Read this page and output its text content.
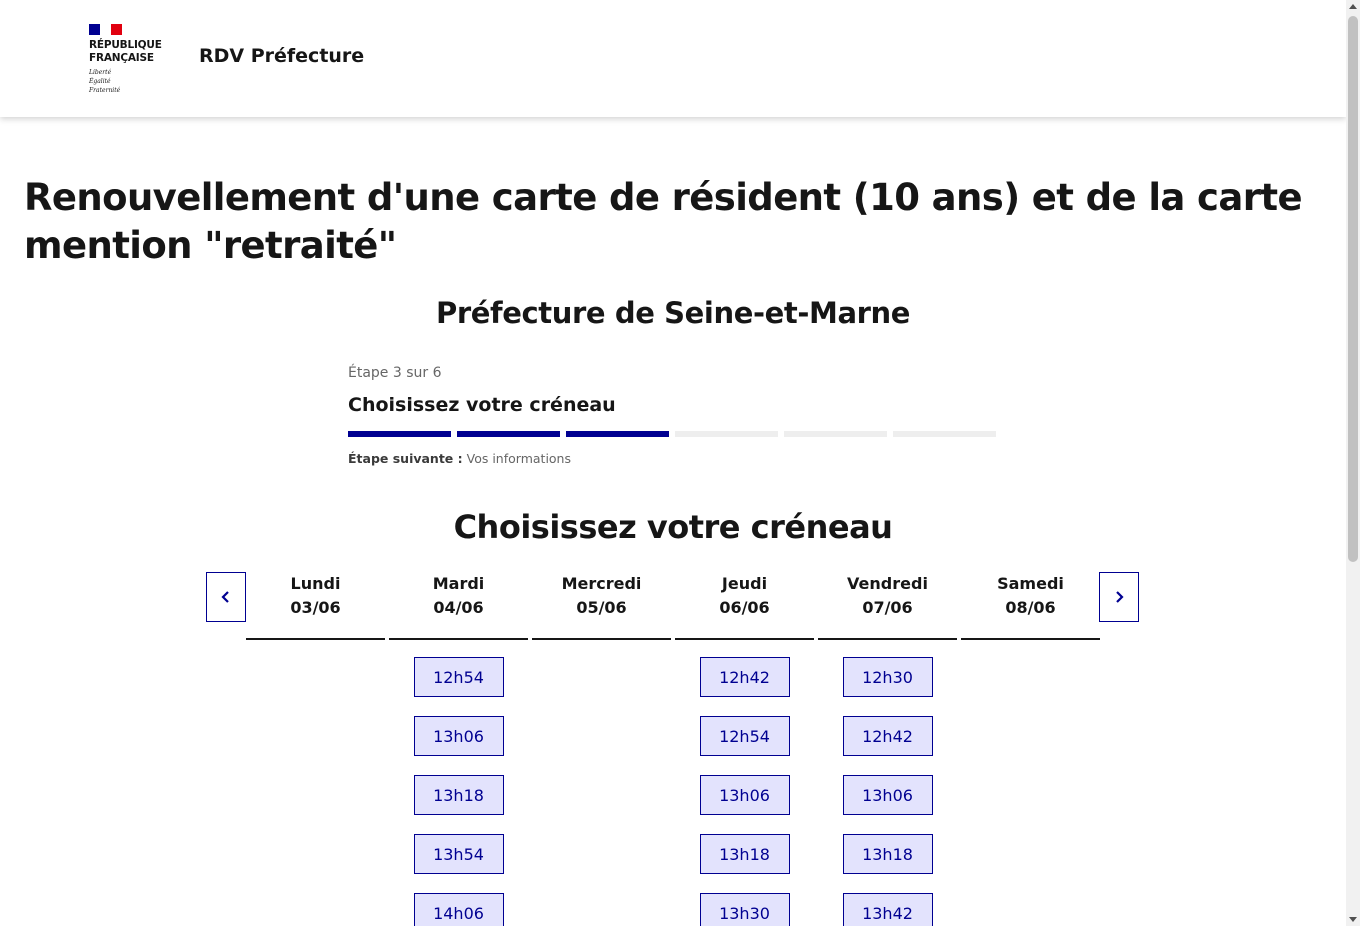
RÉPUBLIQUE
FRANÇAISE
Liberté
Égalité
Fraternité
RDV Préfecture
Renouvellement d'une carte de résident (10 ans) et de la carte mention "retraité"
Préfecture de Seine-et-Marne
Étape 3 sur 6
Choisissez votre créneau
Étape suivante : Vos informations
Choisissez votre créneau
Lundi
03/06
Mardi
04/06
12h54
13h06
13h18
13h54
14h06
Mercredi
05/06
Jeudi
06/06
12h42
12h54
13h06
13h18
13h30
Vendredi
07/06
12h30
12h42
13h06
13h18
13h42
Samedi
08/06
